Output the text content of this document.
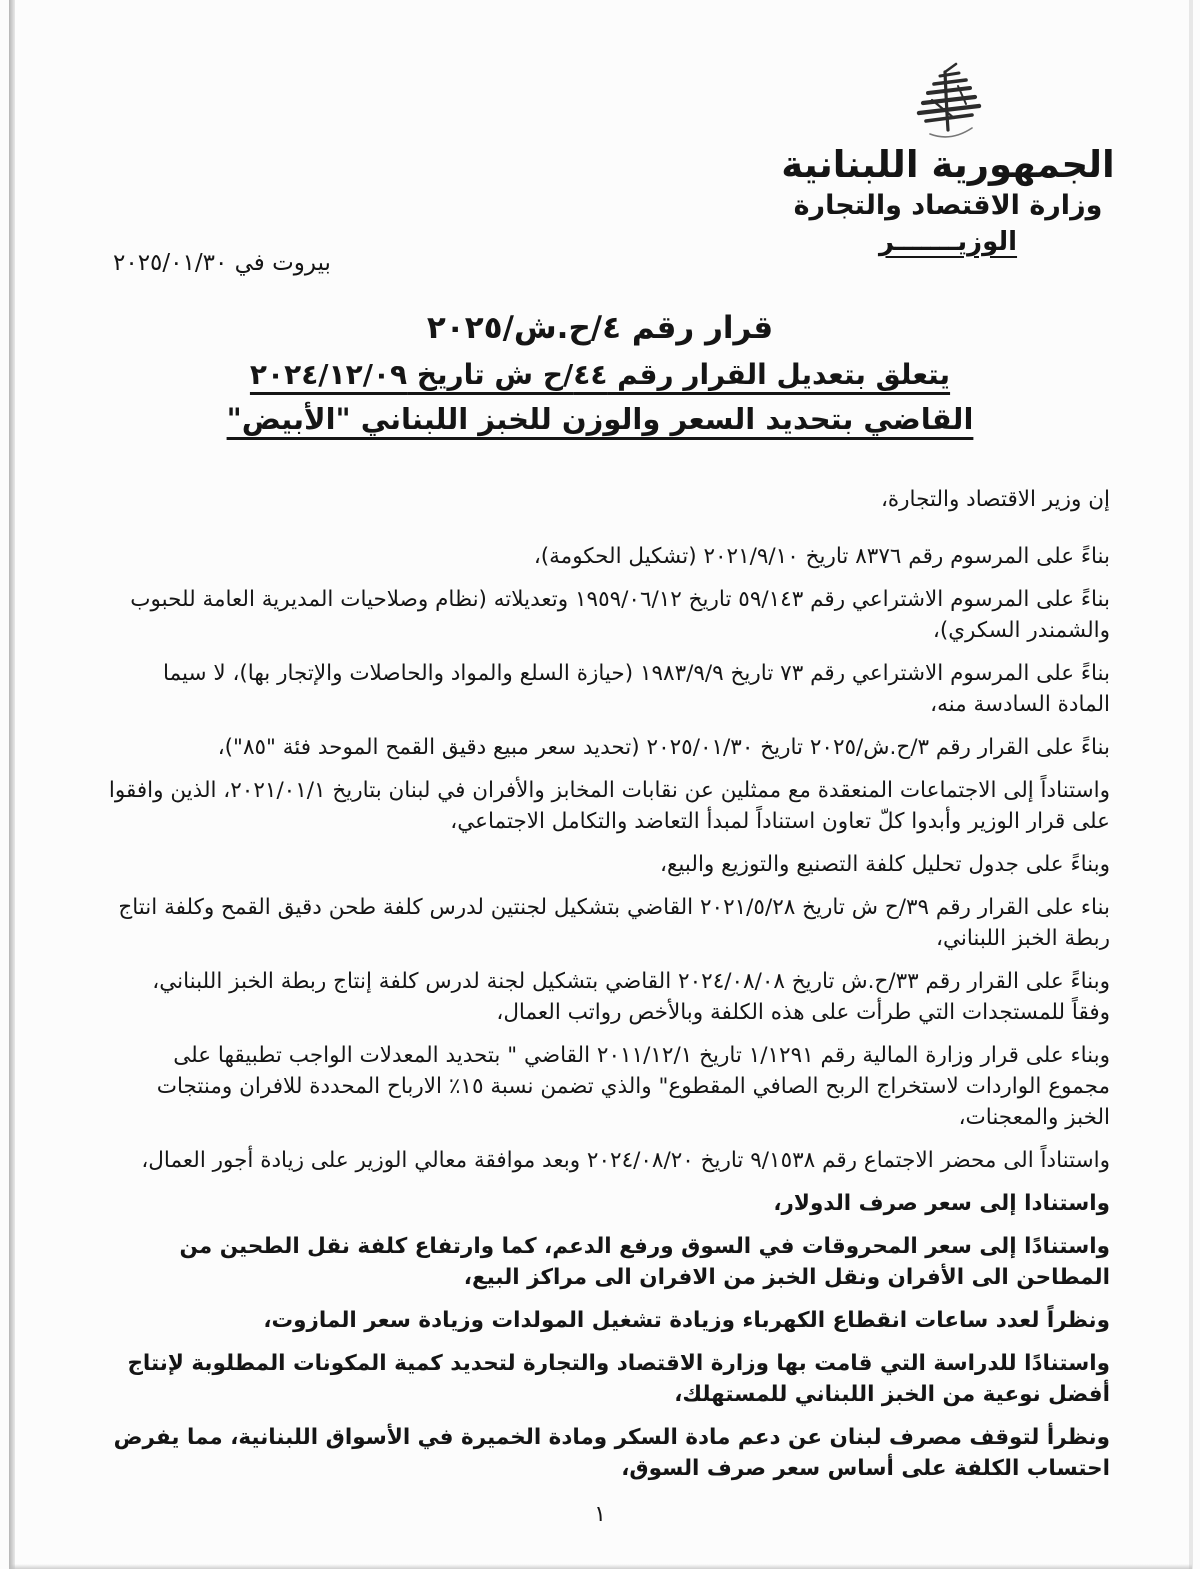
الجمهورية اللبنانية
وزارة الاقتصاد والتجارة
الوزيـــــــر
بيروت في ٢٠٢٥/٠١/٣٠
قرار رقم ٤/ح.ش/٢٠٢٥
يتعلق بتعديل القرار رقم ٤٤/ح ش تاريخ ٢٠٢٤/١٢/٠٩
القاضي بتحديد السعر والوزن للخبز اللبناني "الأبيض"
إن وزير الاقتصاد والتجارة،

بناءً على المرسوم رقم ٨٣٧٦ تاريخ ٢٠٢١/٩/١٠ (تشكيل الحكومة)،

بناءً على المرسوم الاشتراعي رقم ٥٩/١٤٣ تاريخ ١٩٥٩/٠٦/١٢ وتعديلاته (نظام وصلاحيات المديرية العامة للحبوب والشمندر السكري)،

بناءً على المرسوم الاشتراعي رقم ٧٣ تاريخ ١٩٨٣/٩/٩ (حيازة السلع والمواد والحاصلات والإتجار بها)، لا سيما المادة السادسة منه،

بناءً على القرار رقم ٣/ح.ش/٢٠٢٥ تاريخ ٢٠٢٥/٠١/٣٠ (تحديد سعر مبيع دقيق القمح الموحد فئة "٨٥")،

واستناداً إلى الاجتماعات المنعقدة مع ممثلين عن نقابات المخابز والأفران في لبنان بتاريخ ٢٠٢١/٠١/١، الذين وافقوا على قرار الوزير وأبدوا كلّ تعاون استناداً لمبدأ التعاضد والتكامل الاجتماعي،

وبناءً على جدول تحليل كلفة التصنيع والتوزيع والبيع،

بناء على القرار رقم ٣٩/ح ش تاريخ ٢٠٢١/٥/٢٨ القاضي بتشكيل لجنتين لدرس كلفة طحن دقيق القمح وكلفة انتاج ربطة الخبز اللبناني،

وبناءً على القرار رقم ٣٣/ح.ش تاريخ ٢٠٢٤/٠٨/٠٨ القاضي بتشكيل لجنة لدرس كلفة إنتاج ربطة الخبز اللبناني، وفقاً للمستجدات التي طرأت على هذه الكلفة وبالأخص رواتب العمال،

وبناء على قرار وزارة المالية رقم ١/١٢٩١ تاريخ ٢٠١١/١٢/١ القاضي " بتحديد المعدلات الواجب تطبيقها على مجموع الواردات لاستخراج الربح الصافي المقطوع" والذي تضمن نسبة ١٥٪ الارباح المحددة للافران ومنتجات الخبز والمعجنات،

واستناداً الى محضر الاجتماع رقم ٩/١٥٣٨ تاريخ ٢٠٢٤/٠٨/٢٠ وبعد موافقة معالي الوزير على زيادة أجور العمال،

واستنادا إلى سعر صرف الدولار،

واستنادًا إلى سعر المحروقات في السوق ورفع الدعم، كما وارتفاع كلفة نقل الطحين من المطاحن الى الأفران ونقل الخبز من الافران الى مراكز البيع،

ونظراً لعدد ساعات انقطاع الكهرباء وزيادة تشغيل المولدات وزيادة سعر المازوت،

واستنادًا للدراسة التي قامت بها وزارة الاقتصاد والتجارة لتحديد كمية المكونات المطلوبة لإنتاج أفضل نوعية من الخبز اللبناني للمستهلك،

ونظرأ لتوقف مصرف لبنان عن دعم مادة السكر ومادة الخميرة في الأسواق اللبنانية، مما يفرض احتساب الكلفة على أساس سعر صرف السوق،

١
